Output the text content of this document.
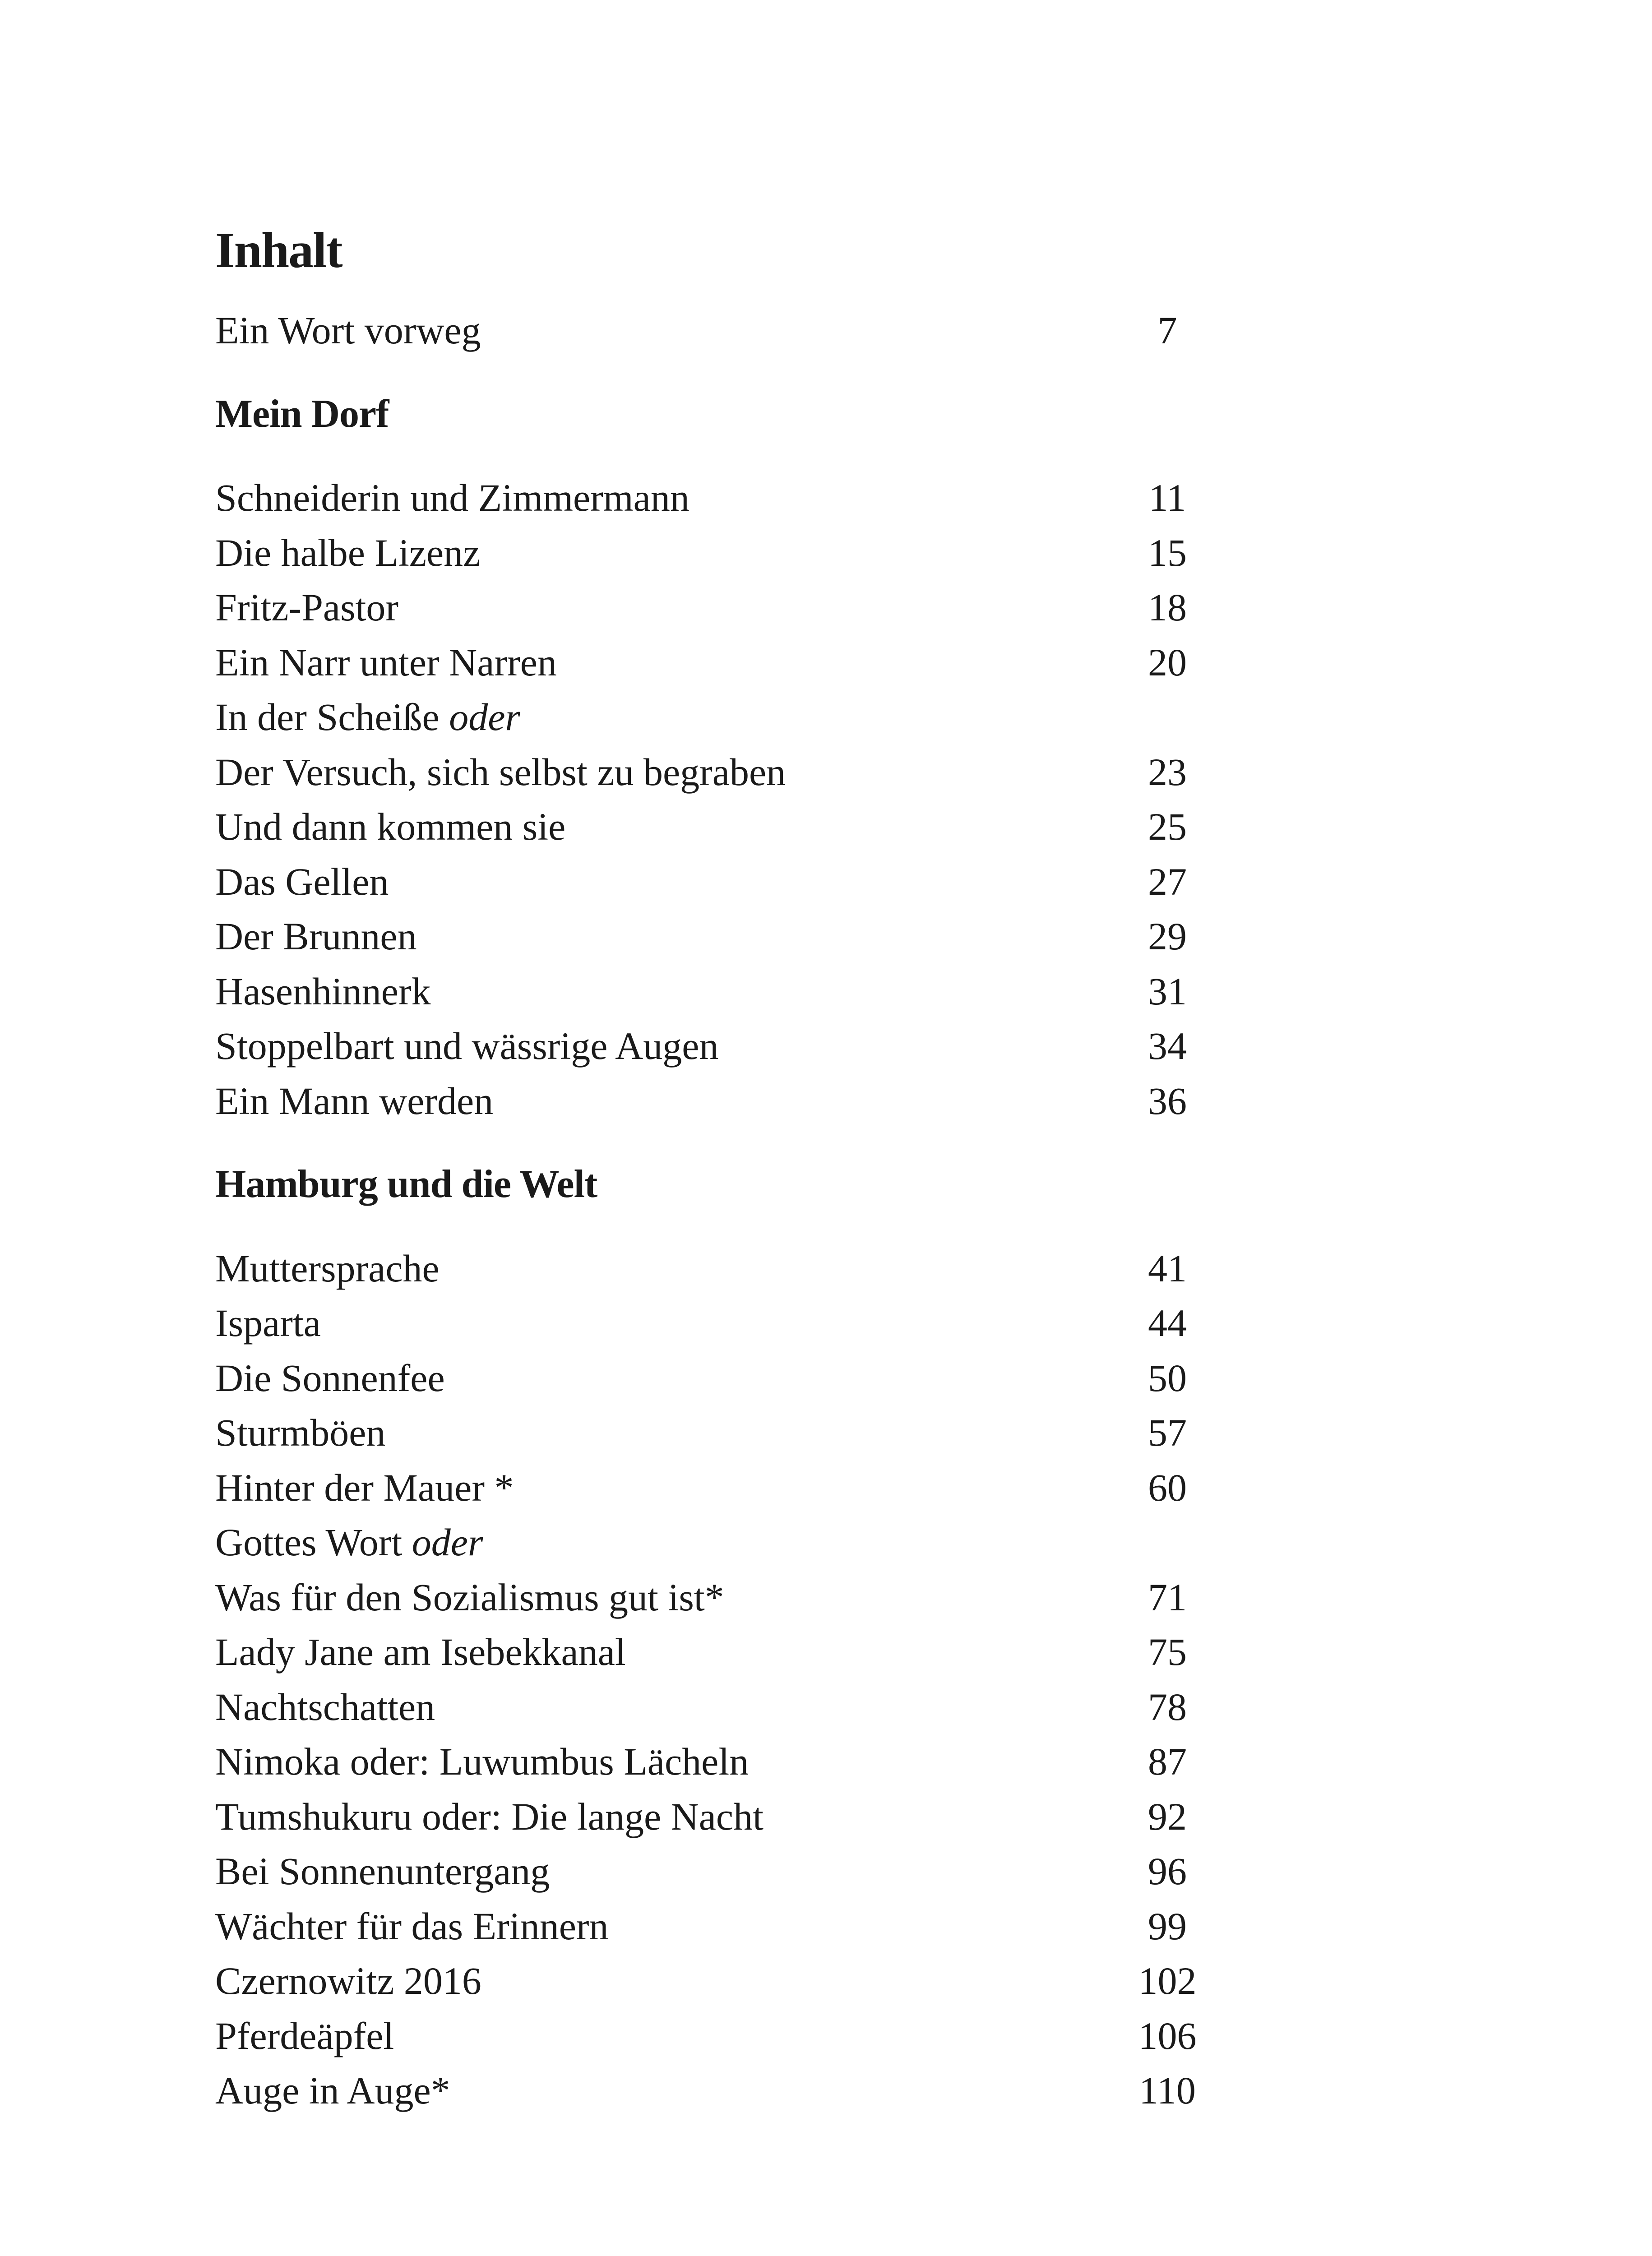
Inhalt
Ein Wort vorweg	7
Mein Dorf
Schneiderin und Zimmermann	11
Die halbe Lizenz	15
Fritz-Pastor	18
Ein Narr unter Narren	20
In der Scheiße oder
Der Versuch, sich selbst zu begraben	23
Und dann kommen sie	25
Das Gellen	27
Der Brunnen	29
Hasenhinnerk	31
Stoppelbart und wässrige Augen	34
Ein Mann werden	36
Hamburg und die Welt
Muttersprache	41
Isparta	44
Die Sonnenfee	50
Sturmböen	57
Hinter der Mauer *	60
Gottes Wort oder
Was für den Sozialismus gut ist*	71
Lady Jane am Isebekkanal	75
Nachtschatten	78
Nimoka oder: Luwumbus Lächeln	87
Tumshukuru oder: Die lange Nacht	92
Bei Sonnenuntergang	96
Wächter für das Erinnern	99
Czernowitz 2016	102
Pferdeäpfel	106
Auge in Auge*	110
